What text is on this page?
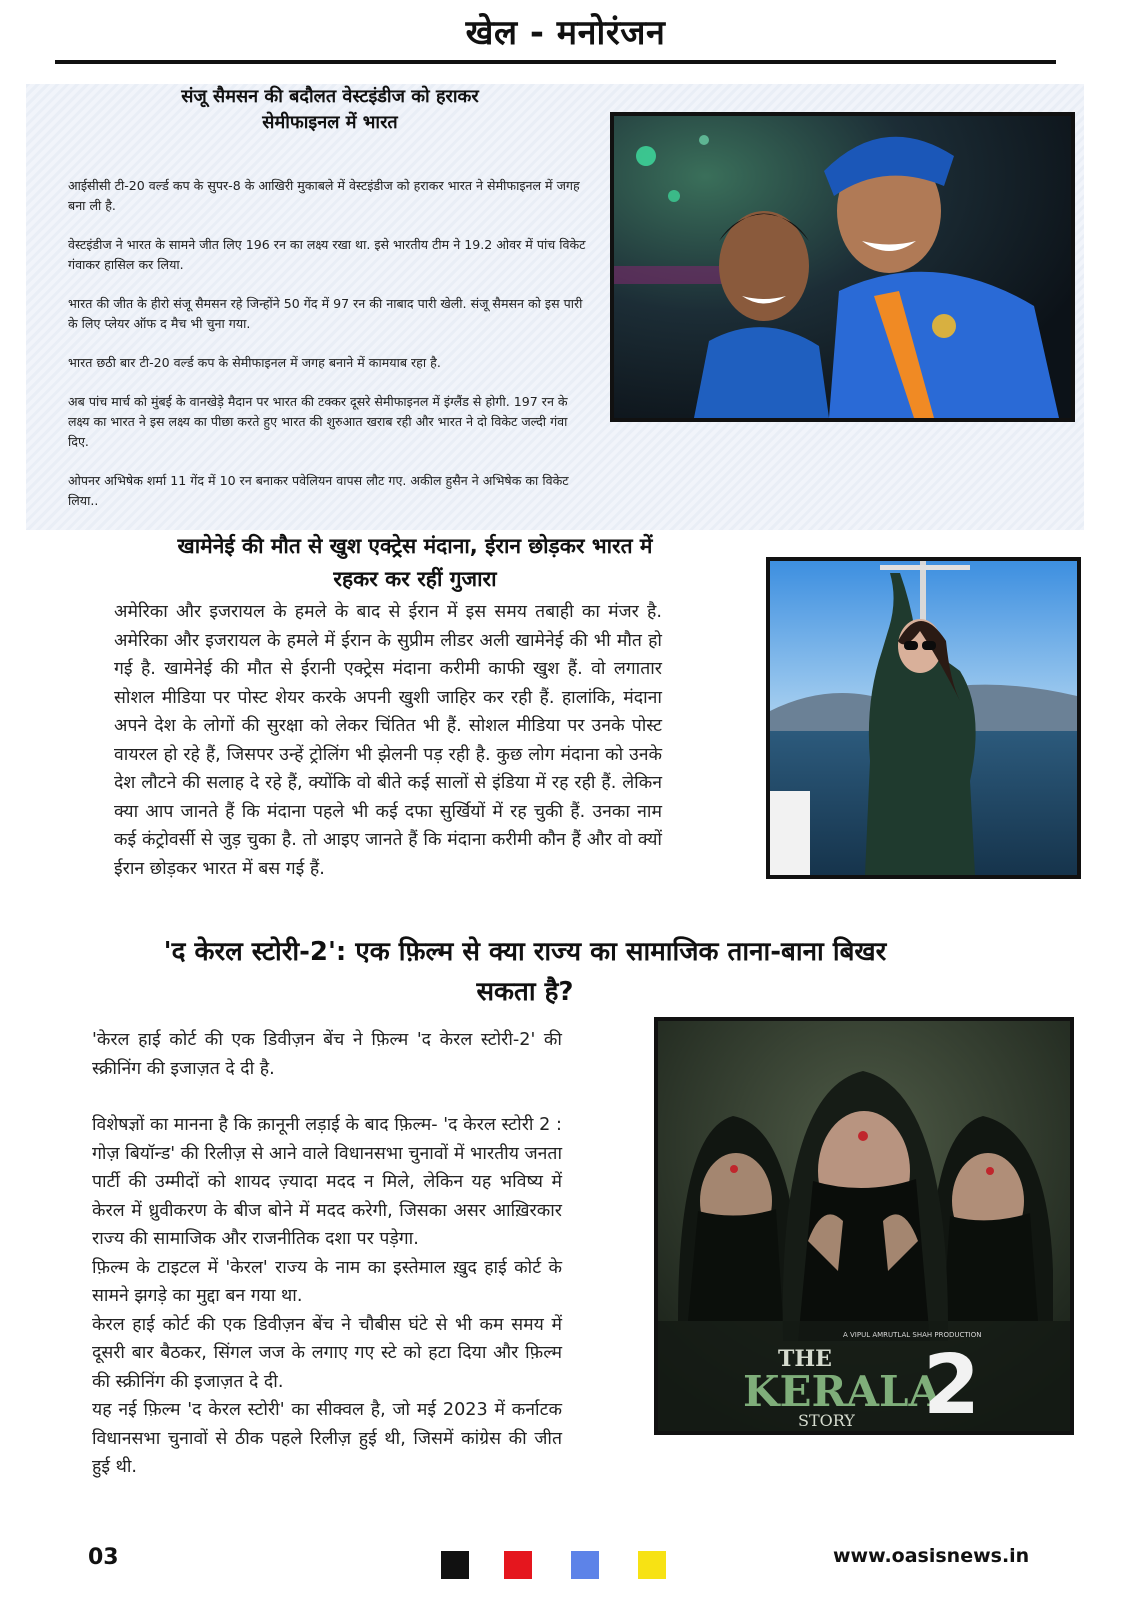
खेल - मनोरंजन
संजू सैमसन की बदौलत वेस्टइंडीज को हराकर
सेमीफाइनल में भारत

आईसीसी टी-20 वर्ल्ड कप के सुपर-8 के आखिरी मुकाबले में वेस्टइंडीज को हराकर भारत ने सेमीफाइनल में जगह बना ली है.

वेस्टइंडीज ने भारत के सामने जीत लिए 196 रन का लक्ष्य रखा था. इसे भारतीय टीम ने 19.2 ओवर में पांच विकेट गंवाकर हासिल कर लिया.

भारत की जीत के हीरो संजू सैमसन रहे जिन्होंने 50 गेंद में 97 रन की नाबाद पारी खेली. संजू सैमसन को इस पारी के लिए प्लेयर ऑफ द मैच भी चुना गया.

भारत छठी बार टी-20 वर्ल्ड कप के सेमीफाइनल में जगह बनाने में कामयाब रहा है.

अब पांच मार्च को मुंबई के वानखेड़े मैदान पर भारत की टक्कर दूसरे सेमीफाइनल में इंग्लैंड से होगी. 197 रन के लक्ष्य का भारत ने इस लक्ष्य का पीछा करते हुए भारत की शुरुआत खराब रही और भारत ने दो विकेट जल्दी गंवा दिए.

ओपनर अभिषेक शर्मा 11 गेंद में 10 रन बनाकर पवेलियन वापस लौट गए. अकील हुसैन ने अभिषेक का विकेट लिया..

खामेनेई की मौत से खुश एक्ट्रेस मंदाना, ईरान छोड़कर भारत में
रहकर कर रहीं गुजारा
अमेरिका और इजरायल के हमले के बाद से ईरान में इस समय तबाही का मंजर है. अमेरिका और इजरायल के हमले में ईरान के सुप्रीम लीडर अली खामेनेई की भी मौत हो गई है. खामेनेई की मौत से ईरानी एक्ट्रेस मंदाना करीमी काफी खुश हैं. वो लगातार सोशल मीडिया पर पोस्ट शेयर करके अपनी खुशी जाहिर कर रही हैं. हालांकि, मंदाना अपने देश के लोगों की सुरक्षा को लेकर चिंतित भी हैं. सोशल मीडिया पर उनके पोस्ट वायरल हो रहे हैं, जिसपर उन्हें ट्रोलिंग भी झेलनी पड़ रही है. कुछ लोग मंदाना को उनके देश लौटने की सलाह दे रहे हैं, क्योंकि वो बीते कई सालों से इंडिया में रह रही हैं. लेकिन क्या आप जानते हैं कि मंदाना पहले भी कई दफा सुर्खियों में रह चुकी हैं. उनका नाम कई कंट्रोवर्सी से जुड़ चुका है. तो आइए जानते हैं कि मंदाना करीमी कौन हैं और वो क्यों ईरान छोड़कर भारत में बस गई हैं.
'द केरल स्टोरी-2': एक फ़िल्म से क्या राज्य का सामाजिक ताना-बाना बिखर
सकता है?

'केरल हाई कोर्ट की एक डिवीज़न बेंच ने फ़िल्म 'द केरल स्टोरी-2' की स्क्रीनिंग की इजाज़त दे दी है.

विशेषज्ञों का मानना है कि क़ानूनी लड़ाई के बाद फ़िल्म- 'द केरल स्टोरी 2 : गोज़ बियॉन्ड' की रिलीज़ से आने वाले विधानसभा चुनावों में भारतीय जनता पार्टी की उम्मीदों को शायद ज़्यादा मदद न मिले, लेकिन यह भविष्य में केरल में ध्रुवीकरण के बीज बोने में मदद करेगी, जिसका असर आख़िरकार राज्य की सामाजिक और राजनीतिक दशा पर पड़ेगा.

फ़िल्म के टाइटल में 'केरल' राज्य के नाम का इस्तेमाल ख़ुद हाई कोर्ट के सामने झगड़े का मुद्दा बन गया था.

केरल हाई कोर्ट की एक डिवीज़न बेंच ने चौबीस घंटे से भी कम समय में दूसरी बार बैठकर, सिंगल जज के लगाए गए स्टे को हटा दिया और फ़िल्म की स्क्रीनिंग की इजाज़त दे दी.

यह नई फ़िल्म 'द केरल स्टोरी' का सीक्वल है, जो मई 2023 में कर्नाटक विधानसभा चुनावों से ठीक पहले रिलीज़ हुई थी, जिसमें कांग्रेस की जीत हुई थी.

A VIPUL AMRUTLAL SHAH PRODUCTION
THE
KERALA
STORY 2
03	www.oasisnews.in
